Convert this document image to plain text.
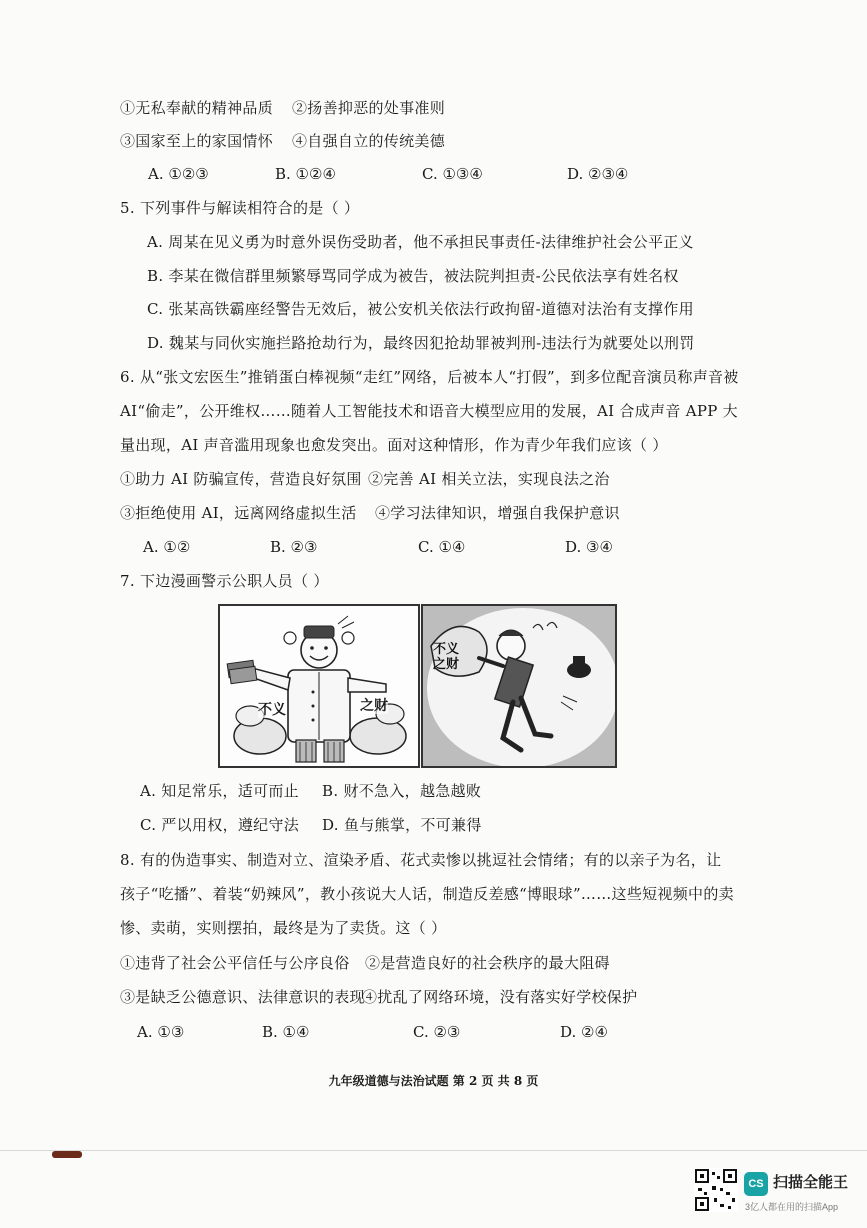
①无私奉献的精神品质 ②扬善抑恶的处事准则
③国家至上的家国情怀 ④自强自立的传统美德
A. ①②③	B. ①②④	C. ①③④	D. ②③④
5. 下列事件与解读相符合的是（ ）
A. 周某在见义勇为时意外误伤受助者，他不承担民事责任-法律维护社会公平正义
B. 李某在微信群里频繁辱骂同学成为被告，被法院判担责-公民依法享有姓名权
C. 张某高铁霸座经警告无效后，被公安机关依法行政拘留-道德对法治有支撑作用
D. 魏某与同伙实施拦路抢劫行为，最终因犯抢劫罪被判刑-违法行为就要处以刑罚
6. 从“张文宏医生”推销蛋白棒视频“走红”网络，后被本人“打假”，到多位配音演员称声音被
AI“偷走”，公开维权……随着人工智能技术和语音大模型应用的发展，AI 合成声音 APP 大
量出现，AI 声音滥用现象也愈发突出。面对这种情形，作为青少年我们应该（ ）
①助力 AI 防骗宣传，营造良好氛围 ②完善 AI 相关立法，实现良法之治
③拒绝使用 AI，远离网络虚拟生活 ④学习法律知识，增强自我保护意识
A. ①②	B. ②③	C. ①④	D. ③④
7. 下边漫画警示公职人员（ ）
不义	之财
不义之财
A. 知足常乐，适可而止 B. 财不急入，越急越败
C. 严以用权，遵纪守法 D. 鱼与熊掌，不可兼得
8. 有的伪造事实、制造对立、渲染矛盾、花式卖惨以挑逗社会情绪；有的以亲子为名，让
孩子“吃播”、着装“奶辣风”，教小孩说大人话，制造反差感“博眼球”……这些短视频中的卖
惨、卖萌，实则摆拍，最终是为了卖货。这（ ）
①违背了社会公平信任与公序良俗 ②是营造良好的社会秩序的最大阻碍
③是缺乏公德意识、法律意识的表现
④扰乱了网络环境，没有落实好学校保护
A. ①③	B. ①④	C. ②③	D. ②④
九年级道德与法治试题 第 2 页 共 8 页
CS 扫描全能王
3亿人都在用的扫描App
